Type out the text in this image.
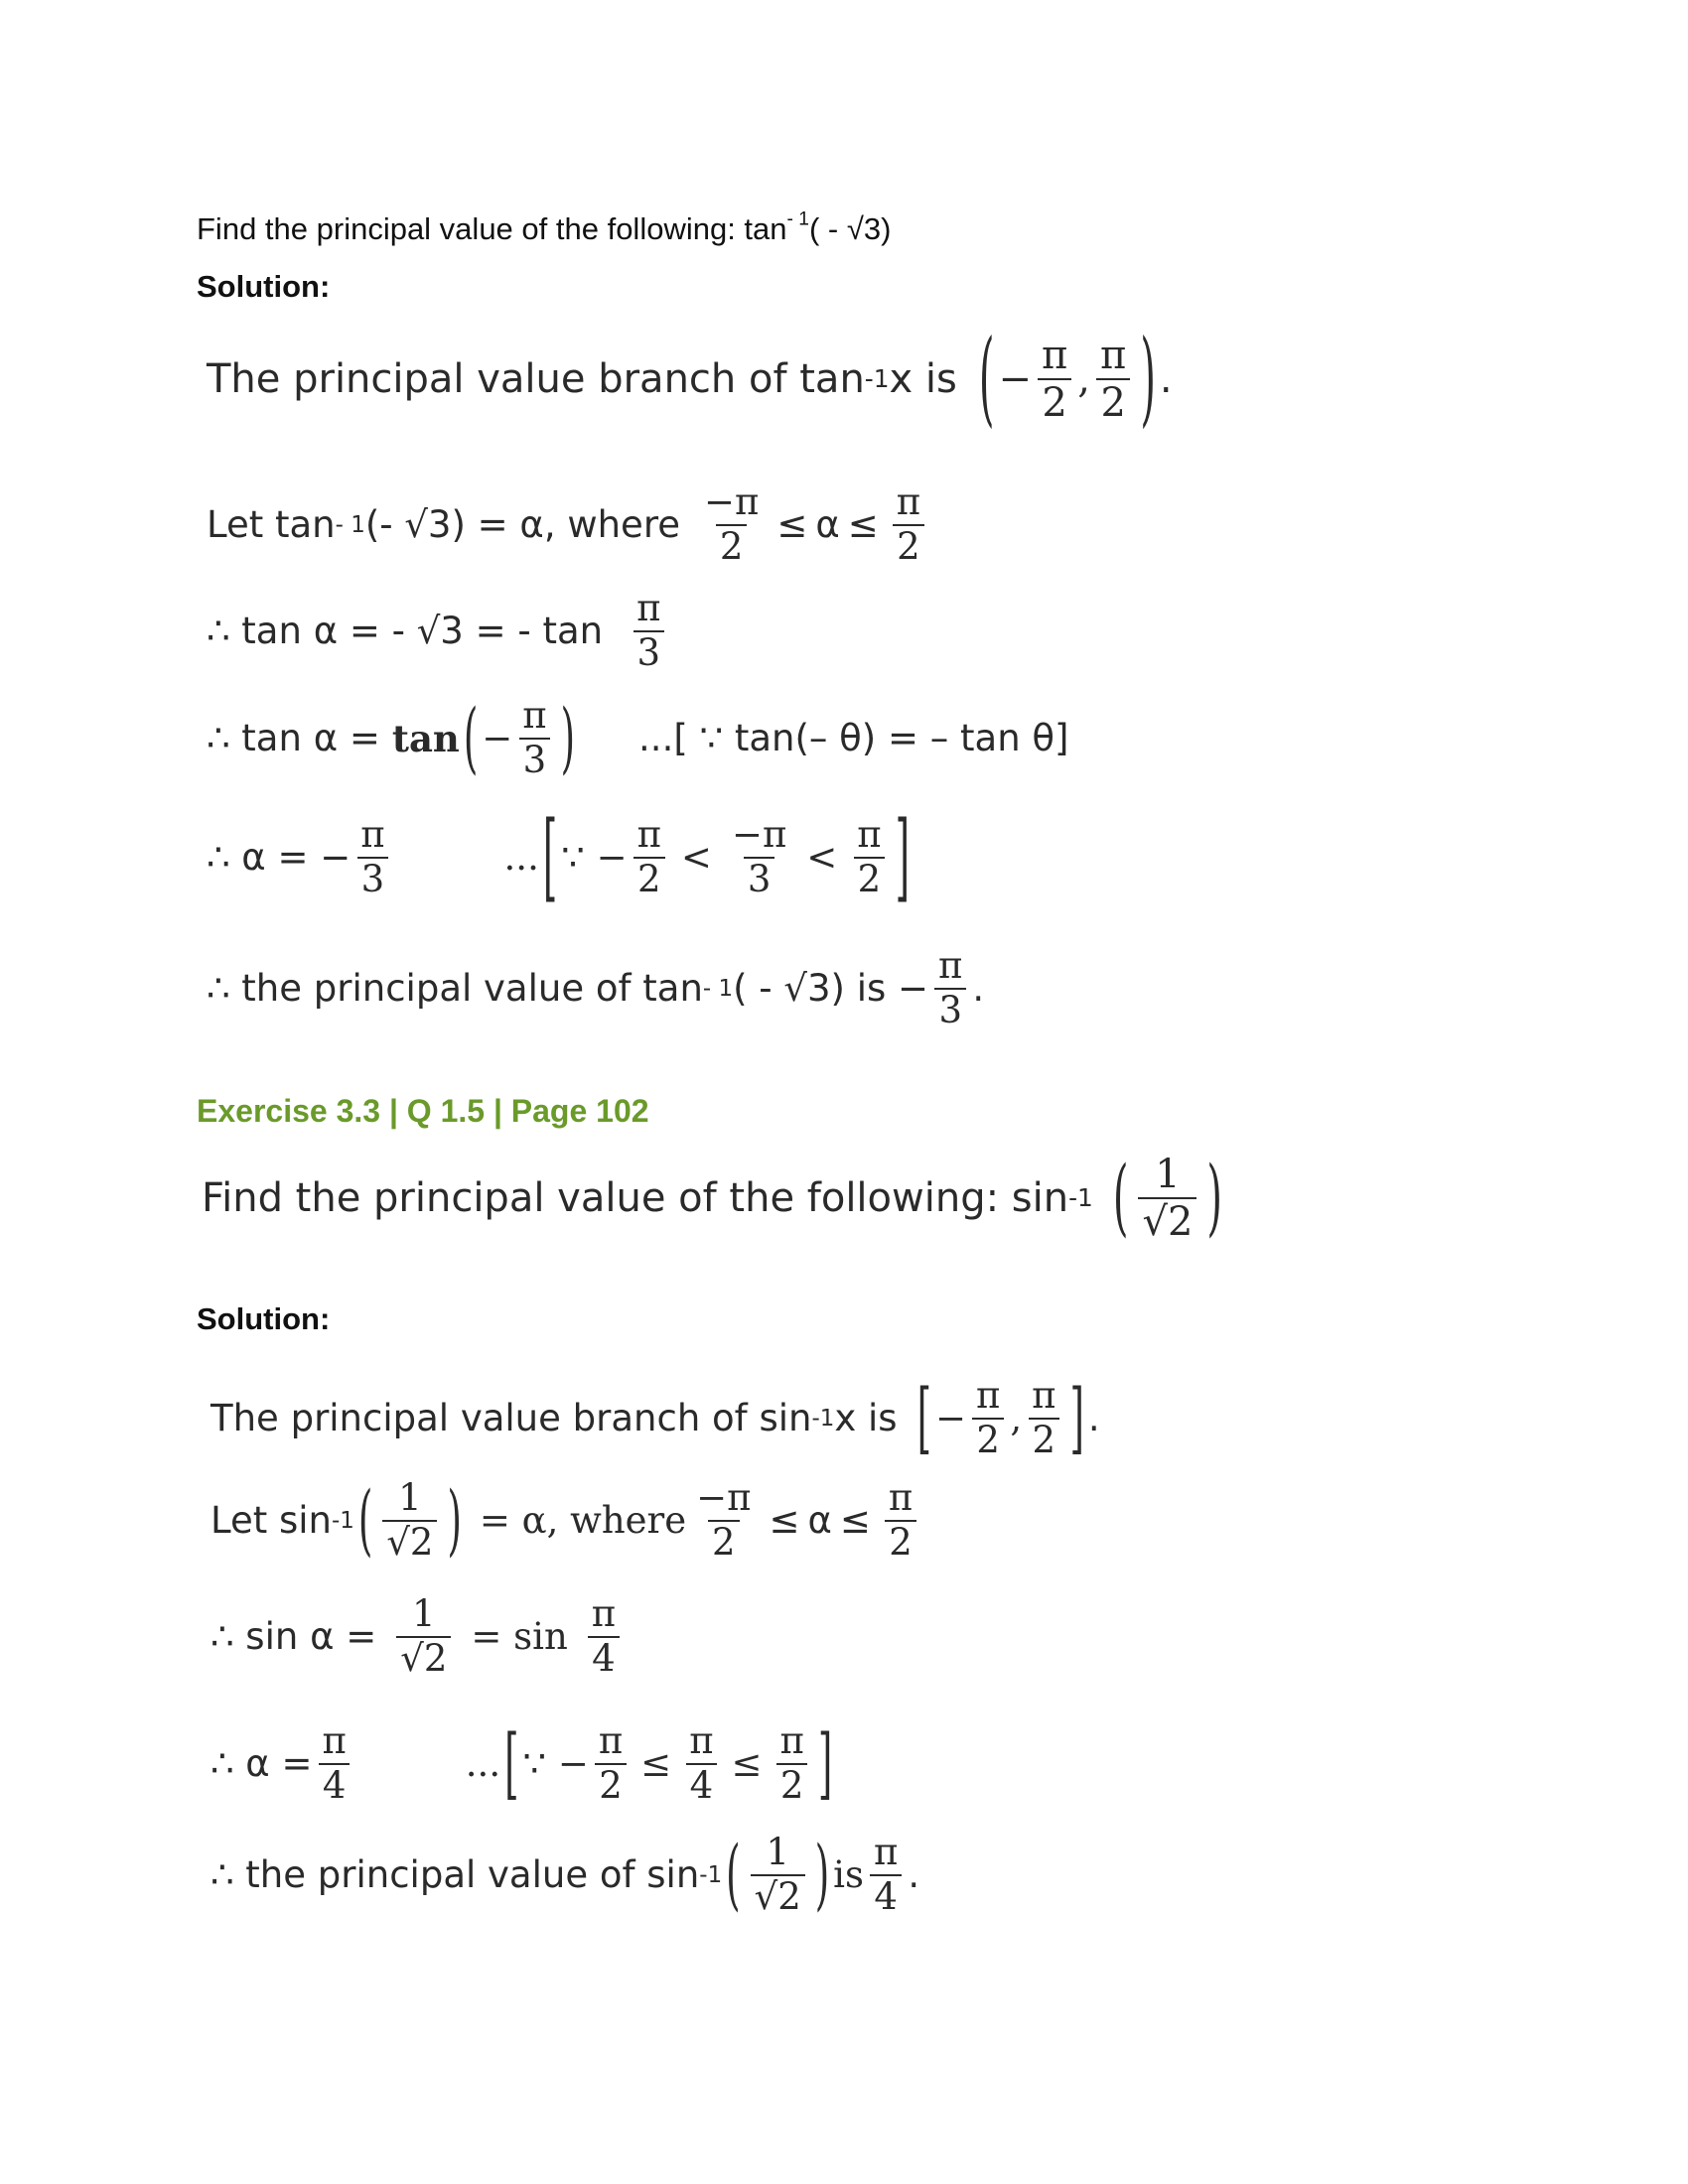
Find the principal value of the following: $\tan^{- 1}( - √3)$
Solution:
The principal value branch of tan -1 x is ( − $\frac{\pi}{2}$ , $\frac{\pi}{2}$ ) .
Let tan - 1 (- √3) = α, where $\frac{-\pi}{2} \le \alpha \le \frac{\pi}{2}$
∴ tan α = - √3 = - $\tan \frac{\pi}{3}$
∴ tan α = tan ( − $\frac{\pi}{3}$ ) ...[ ∵ tan(– θ) = – tan θ]
∴ α = − $\frac{\pi}{3}$	... [ ∵ − $\frac{\pi}{2} < \frac{-\pi}{3} < \frac{\pi}{2}$ ]
∴ the principal value of tan - 1 ( - √3) is − $\frac{\pi}{3}$ .
Exercise 3.3 | Q 1.5 | Page 102
Find the principal value of the following: sin -1 ( $\frac{1}{√2}$ )
Solution:
The principal value branch of sin -1 x is [ − $\frac{\pi}{2}$ , $\frac{\pi}{2}$ ] .
Let sin -1 ( $\frac{1}{√2}$ ) = α, where $\frac{-\pi}{2} \le \alpha \le \frac{\pi}{2}$
∴ $\sin \alpha = \frac{1}{√2} = \sin \frac{\pi}{4}$
∴ $\alpha = \frac{\pi}{4}$	... [ ∵ − $\frac{\pi}{2} \le \frac{\pi}{4} \le \frac{\pi}{2}$ ]
∴ the principal value of sin -1 ( $\frac{1}{√2}$ ) is $\frac{\pi}{4}$ .
